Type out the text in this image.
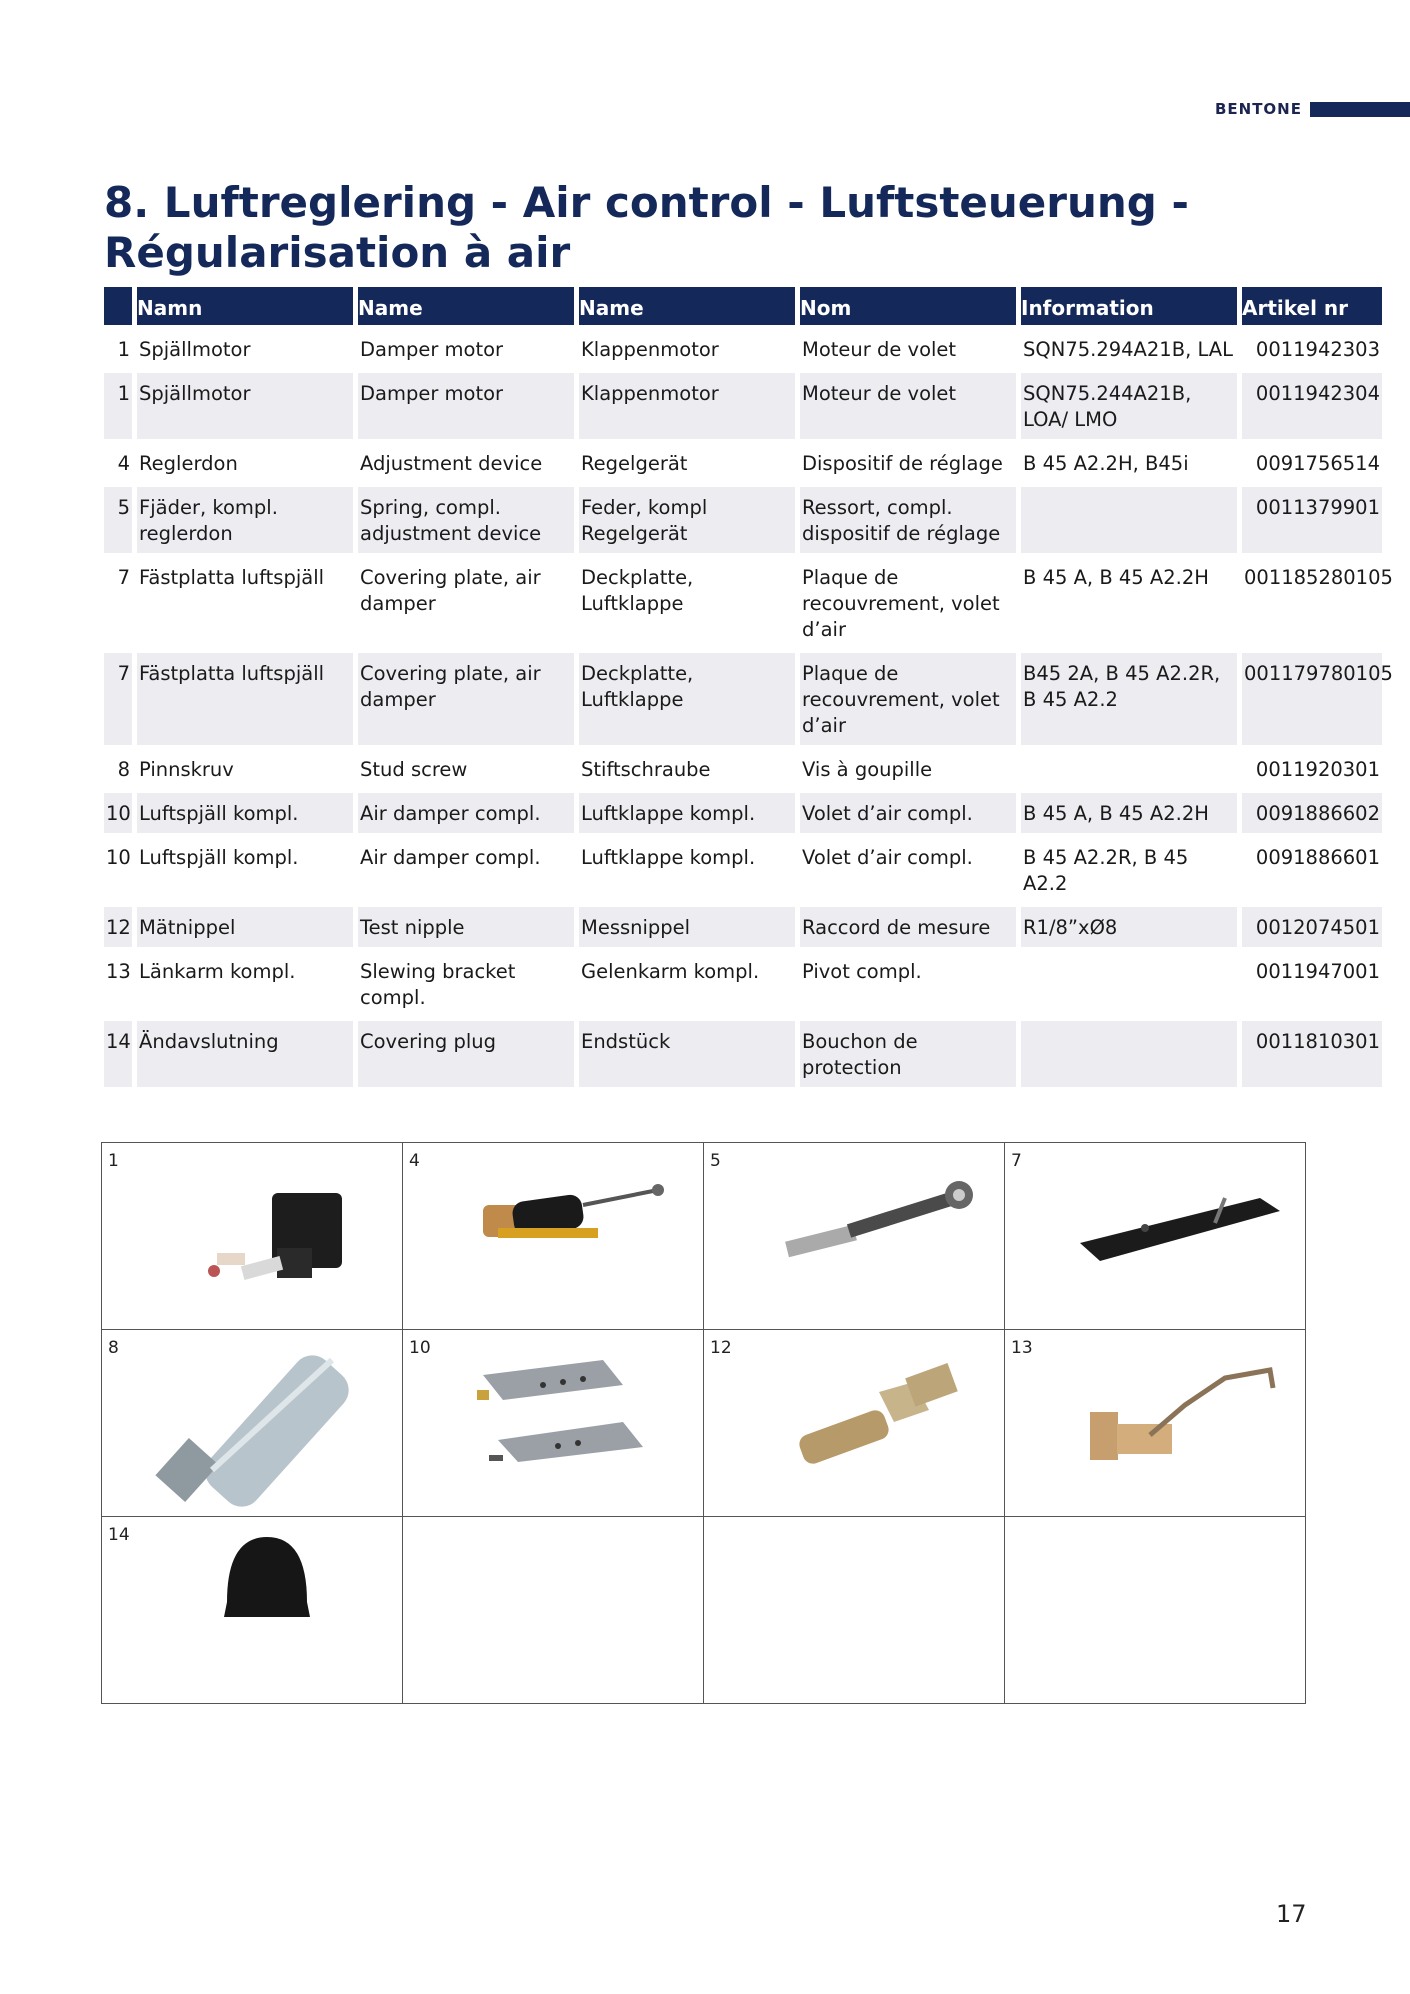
BENTONE
8. Luftreglering - Air control - Luftsteuerung - Régularisation à air
	Namn	Name	Name	Nom	Information	Artikel nr
1	Spjällmotor	Damper motor	Klappenmotor	Moteur de volet	SQN75.294A21B, LAL	0011942303
1	Spjällmotor	Damper motor	Klappenmotor	Moteur de volet	SQN75.244A21B, LOA/ LMO	0011942304
4	Reglerdon	Adjustment device	Regelgerät	Dispositif de réglage	B 45 A2.2H, B45i	0091756514
5	Fjäder, kompl. reglerdon	Spring, compl. adjustment device	Feder, kompl Regelgerät	Ressort, compl. dispositif de réglage		0011379901
7	Fästplatta luftspjäll	Covering plate, air damper	Deckplatte, Luftklappe	Plaque de recouvrement, volet d’air	B 45 A, B 45 A2.2H	001185280105
7	Fästplatta luftspjäll	Covering plate, air damper	Deckplatte, Luftklappe	Plaque de recouvrement, volet d’air	B45 2A, B 45 A2.2R, B 45 A2.2	001179780105
8	Pinnskruv	Stud screw	Stiftschraube	Vis à goupille		0011920301
10	Luftspjäll kompl.	Air damper compl.	Luftklappe kompl.	Volet d’air compl.	B 45 A, B 45 A2.2H	0091886602
10	Luftspjäll kompl.	Air damper compl.	Luftklappe kompl.	Volet d’air compl.	B 45 A2.2R, B 45 A2.2	0091886601
12	Mätnippel	Test nipple	Messnippel	Raccord de mesure	R1/8”xØ8	0012074501
13	Länkarm kompl.	Slewing bracket compl.	Gelenkarm kompl.	Pivot compl.		0011947001
14	Ändavslutning	Covering plug	Endstück	Bouchon de protection		0011810301
1	4	5	7

8	10	12	13

14			

17
